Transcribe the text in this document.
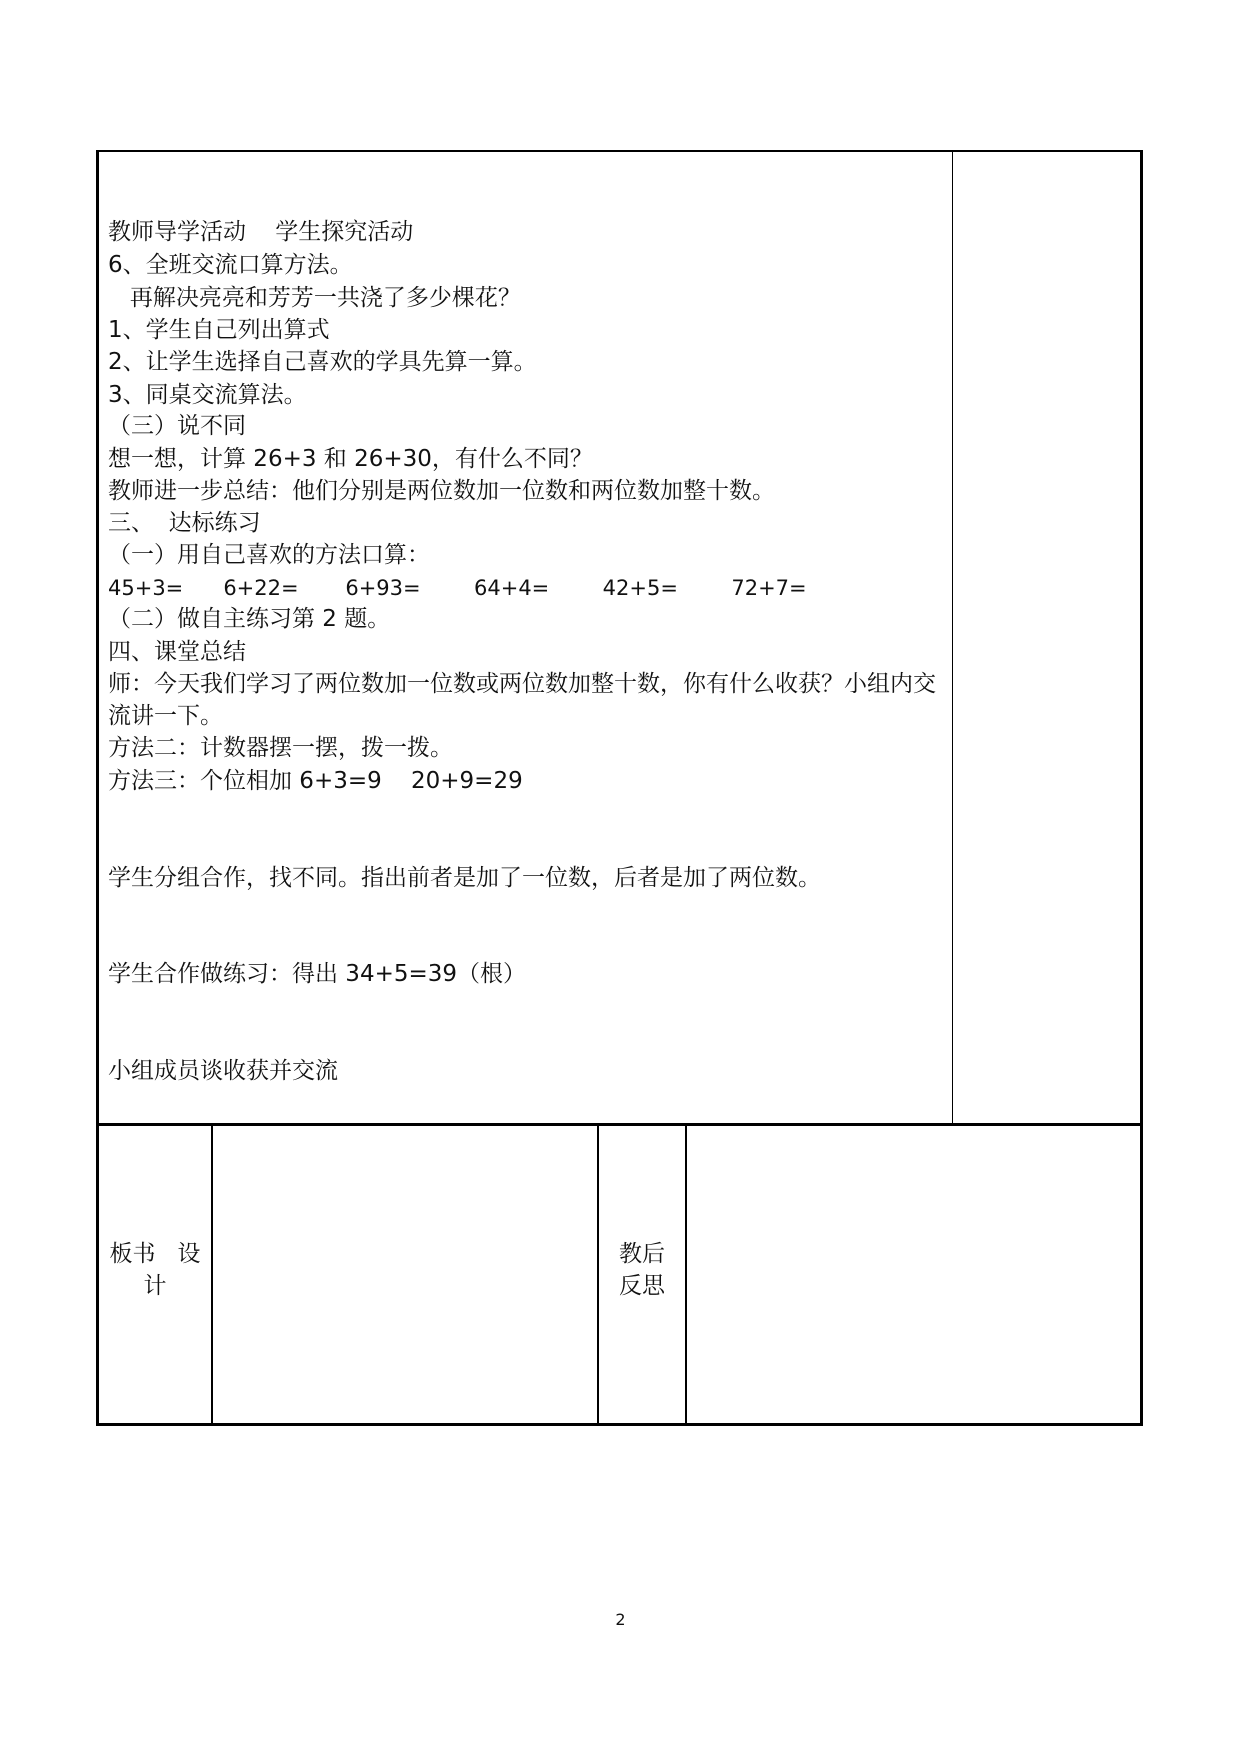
教师导学活动    学生探究活动
6、全班交流口算方法。
再解决亮亮和芳芳一共浇了多少棵花？
1、学生自己列出算式
2、让学生选择自己喜欢的学具先算一算。
3、同桌交流算法。
（三）说不同
想一想，计算 26+3 和 26+30，有什么不同？
教师进一步总结：他们分别是两位数加一位数和两位数加整十数。
三、  达标练习
（一）用自己喜欢的方法口算：
45+3=      6+22=       6+93=        64+4=        42+5=        72+7=
（二）做自主练习第 2 题。
四、课堂总结
师：今天我们学习了两位数加一位数或两位数加整十数，你有什么收获？小组内交流讲一下。
方法二：计数器摆一摆，拨一拨。
方法三：个位相加 6+3=9    20+9=29
学生分组合作，找不同。指出前者是加了一位数，后者是加了两位数。
学生合作做练习：得出 34+5=39（根）
小组成员谈收获并交流
板书   设
计
教后
反思
2
